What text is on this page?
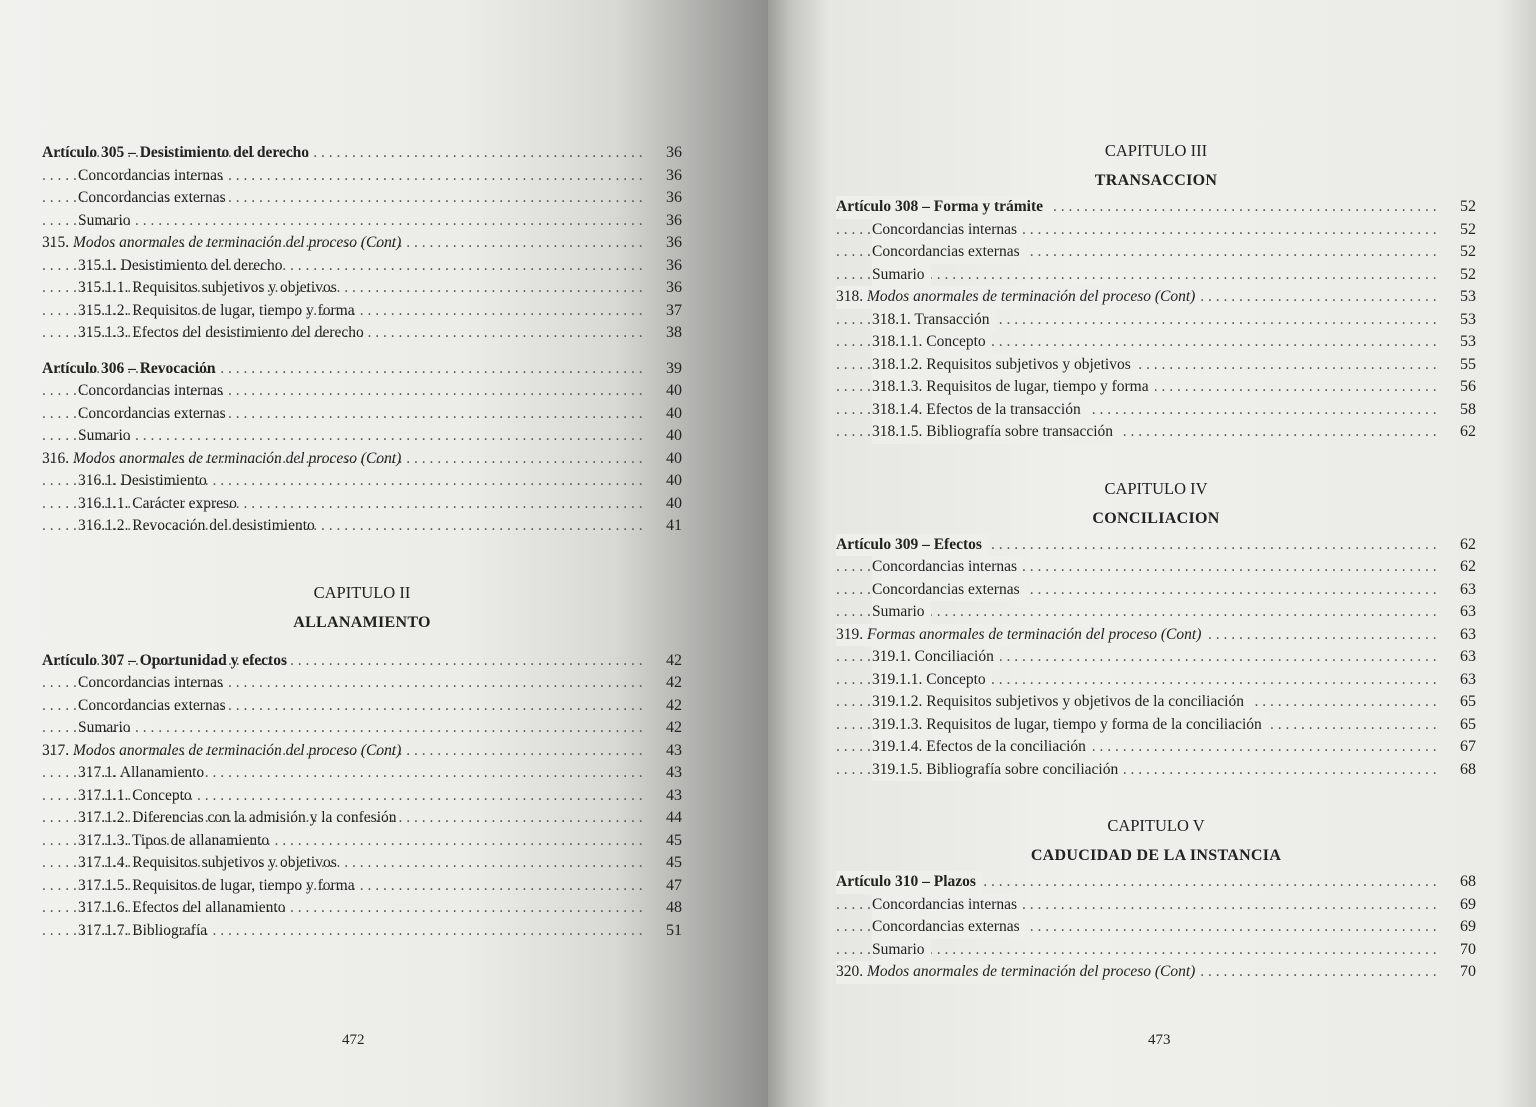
. . .
Artículo 305 – Desistimiento del derecho	36
. . .
Concordancias internas	36
. . .
Concordancias externas	36
. . .
Sumario	36
. . .
315. Modos anormales de terminación del proceso (Cont)	36
. . .
315.1. Desistimiento del derecho	36
. . .
315.1.1. Requisitos subjetivos y objetivos	36
. . .
315.1.2. Requisitos de lugar, tiempo y forma	37
. . .
315.1.3. Efectos del desistimiento del derecho	38
. . .
Artículo 306 – Revocación	39
. . .
Concordancias internas	40
. . .
Concordancias externas	40
. . .
Sumario	40
. . .
316. Modos anormales de terminación del proceso (Cont)	40
. . .
316.1. Desistimiento	40
. . .
316.1.1. Carácter expreso	40
. . .
316.1.2. Revocación del desistimiento	41
CAPITULO II
ALLANAMIENTO
. . .
Artículo 307 – Oportunidad y efectos	42
. . .
Concordancias internas	42
. . .
Concordancias externas	42
. . .
Sumario	42
. . .
317. Modos anormales de terminación del proceso (Cont)	43
. . .
317.1. Allanamiento	43
. . .
317.1.1. Concepto	43
. . .
317.1.2. Diferencias con la admisión y la confesión	44
. . .
317.1.3. Tipos de allanamiento	45
. . .
317.1.4. Requisitos subjetivos y objetivos	45
. . .
317.1.5. Requisitos de lugar, tiempo y forma	47
. . .
317.1.6. Efectos del allanamiento	48
. . .
317.1.7. Bibliografía	51
472
CAPITULO III
TRANSACCION
. . .
Artículo 308 – Forma y trámite	52
. . .
Concordancias internas	52
. . .
Concordancias externas	52
. . .
Sumario	52
. . .
318. Modos anormales de terminación del proceso (Cont)	53
. . .
318.1. Transacción	53
. . .
318.1.1. Concepto	53
. . .
318.1.2. Requisitos subjetivos y objetivos	55
. . .
318.1.3. Requisitos de lugar, tiempo y forma	56
. . .
318.1.4. Efectos de la transacción	58
. . .
318.1.5. Bibliografía sobre transacción	62
CAPITULO IV
CONCILIACION
. . .
Artículo 309 – Efectos	62
. . .
Concordancias internas	62
. . .
Concordancias externas	63
. . .
Sumario	63
. . .
319. Formas anormales de terminación del proceso (Cont)	63
. . .
319.1. Conciliación	63
. . .
319.1.1. Concepto	63
. . .
319.1.2. Requisitos subjetivos y objetivos de la conciliación	65
. . .
319.1.3. Requisitos de lugar, tiempo y forma de la conciliación	65
. . .
319.1.4. Efectos de la conciliación	67
. . .
319.1.5. Bibliografía sobre conciliación	68
CAPITULO V
CADUCIDAD DE LA INSTANCIA
. . .
Artículo 310 – Plazos	68
. . .
Concordancias internas	69
. . .
Concordancias externas	69
. . .
Sumario	70
. . .
320. Modos anormales de terminación del proceso (Cont)	70
473
